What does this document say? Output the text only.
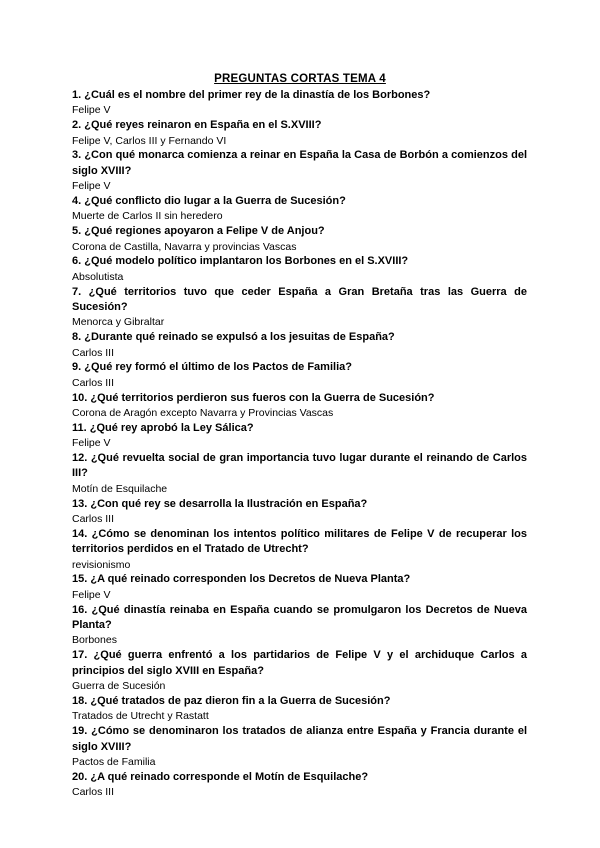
PREGUNTAS CORTAS TEMA 4

1. ¿Cuál es el nombre del primer rey de la dinastía de los Borbones?

Felipe V

2. ¿Qué reyes reinaron en España en el S.XVIII?

Felipe V, Carlos III y Fernando VI

3. ¿Con qué monarca comienza a reinar en España la Casa de Borbón a comienzos del siglo XVIII?

Felipe V

4. ¿Qué conflicto dio lugar a la Guerra de Sucesión?

Muerte de Carlos II sin heredero

5. ¿Qué regiones apoyaron a Felipe V de Anjou?

Corona de Castilla, Navarra y provincias Vascas

6. ¿Qué modelo político implantaron los Borbones en el S.XVIII?

Absolutista

7. ¿Qué territorios tuvo que ceder España a Gran Bretaña tras las Guerra de Sucesión?

Menorca y Gibraltar

8. ¿Durante qué reinado se expulsó a los jesuitas de España?

Carlos III

9. ¿Qué rey formó el último de los Pactos de Familia?

Carlos III

10. ¿Qué territorios perdieron sus fueros con la Guerra de Sucesión?

Corona de Aragón excepto Navarra y Provincias Vascas

11. ¿Qué rey aprobó la Ley Sálica?

Felipe V

12. ¿Qué revuelta social de gran importancia tuvo lugar durante el reinando de Carlos III?

Motín de Esquilache

13. ¿Con qué rey se desarrolla la Ilustración en España?

Carlos III

14. ¿Cómo se denominan los intentos político militares de Felipe V de recuperar los territorios perdidos en el Tratado de Utrecht?

revisionismo

15. ¿A qué reinado corresponden los Decretos de Nueva Planta?

Felipe V

16. ¿Qué dinastía reinaba en España cuando se promulgaron los Decretos de Nueva Planta?

Borbones

17. ¿Qué guerra enfrentó a los partidarios de Felipe V y el archiduque Carlos a principios del siglo XVIII en España?

Guerra de Sucesión

18. ¿Qué tratados de paz dieron fin a la Guerra de Sucesión?

Tratados de Utrecht y Rastatt

19. ¿Cómo se denominaron los tratados de alianza entre España y Francia durante el siglo XVIII?

Pactos de Familia

20. ¿A qué reinado corresponde el Motín de Esquilache?

Carlos III
